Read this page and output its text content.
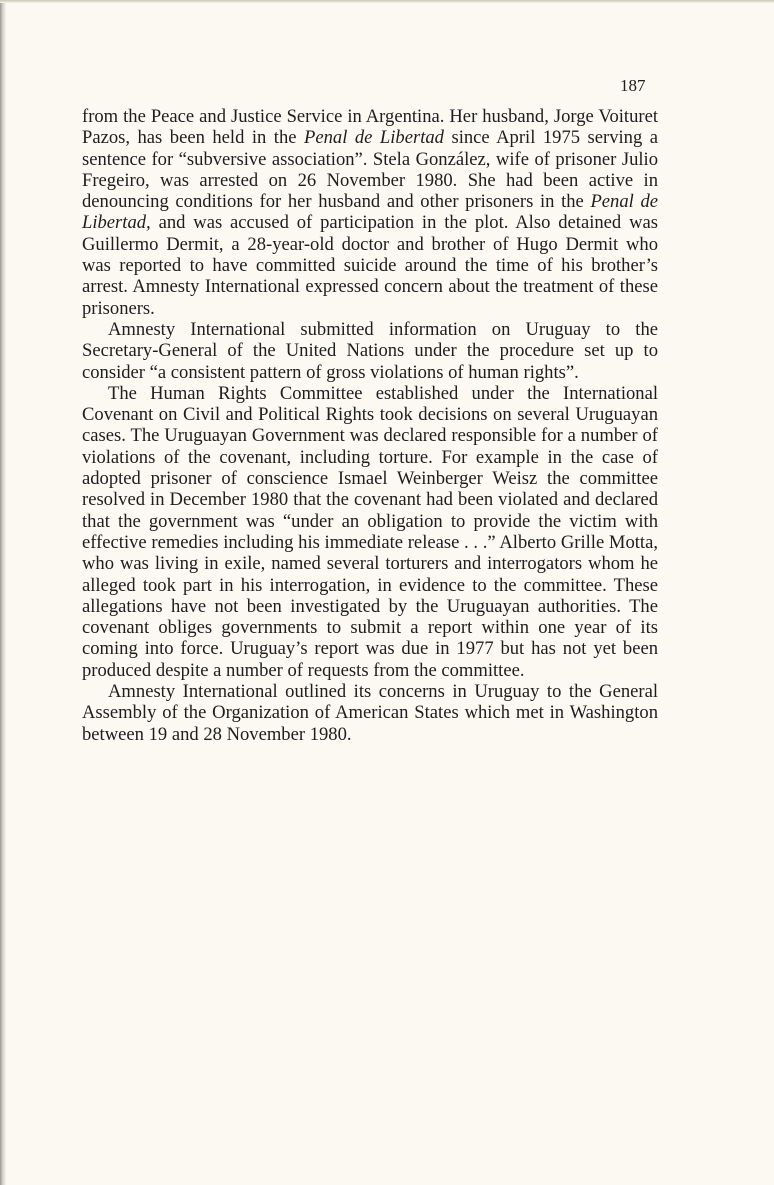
187

from the Peace and Justice Service in Argentina. Her husband, Jorge Voituret Pazos, has been held in the Penal de Libertad since April 1975 serving a sentence for “subversive association”. Stela González, wife of prisoner Julio Fregeiro, was arrested on 26 November 1980. She had been active in denouncing conditions for her husband and other prisoners in the Penal de Libertad, and was accused of participation in the plot. Also detained was Guillermo Dermit, a 28-year-old doctor and brother of Hugo Dermit who was reported to have committed suicide around the time of his brother’s arrest. Amnesty International expressed concern about the treatment of these prisoners.

Amnesty International submitted information on Uruguay to the Secretary-General of the United Nations under the procedure set up to consider “a consistent pattern of gross violations of human rights”.

The Human Rights Committee established under the International Covenant on Civil and Political Rights took decisions on several Uruguayan cases. The Uruguayan Government was declared responsible for a number of violations of the covenant, including torture. For example in the case of adopted prisoner of conscience Ismael Weinberger Weisz the committee resolved in December 1980 that the covenant had been violated and declared that the government was “under an obligation to provide the victim with effective remedies including his immediate release . . .” Alberto Grille Motta, who was living in exile, named several torturers and interrogators whom he alleged took part in his interrogation, in evidence to the committee. These allegations have not been investigated by the Uruguayan authorities. The covenant obliges governments to submit a report within one year of its coming into force. Uruguay’s report was due in 1977 but has not yet been produced despite a number of requests from the committee.

Amnesty International outlined its concerns in Uruguay to the General Assembly of the Organization of American States which met in Washington between 19 and 28 November 1980.
